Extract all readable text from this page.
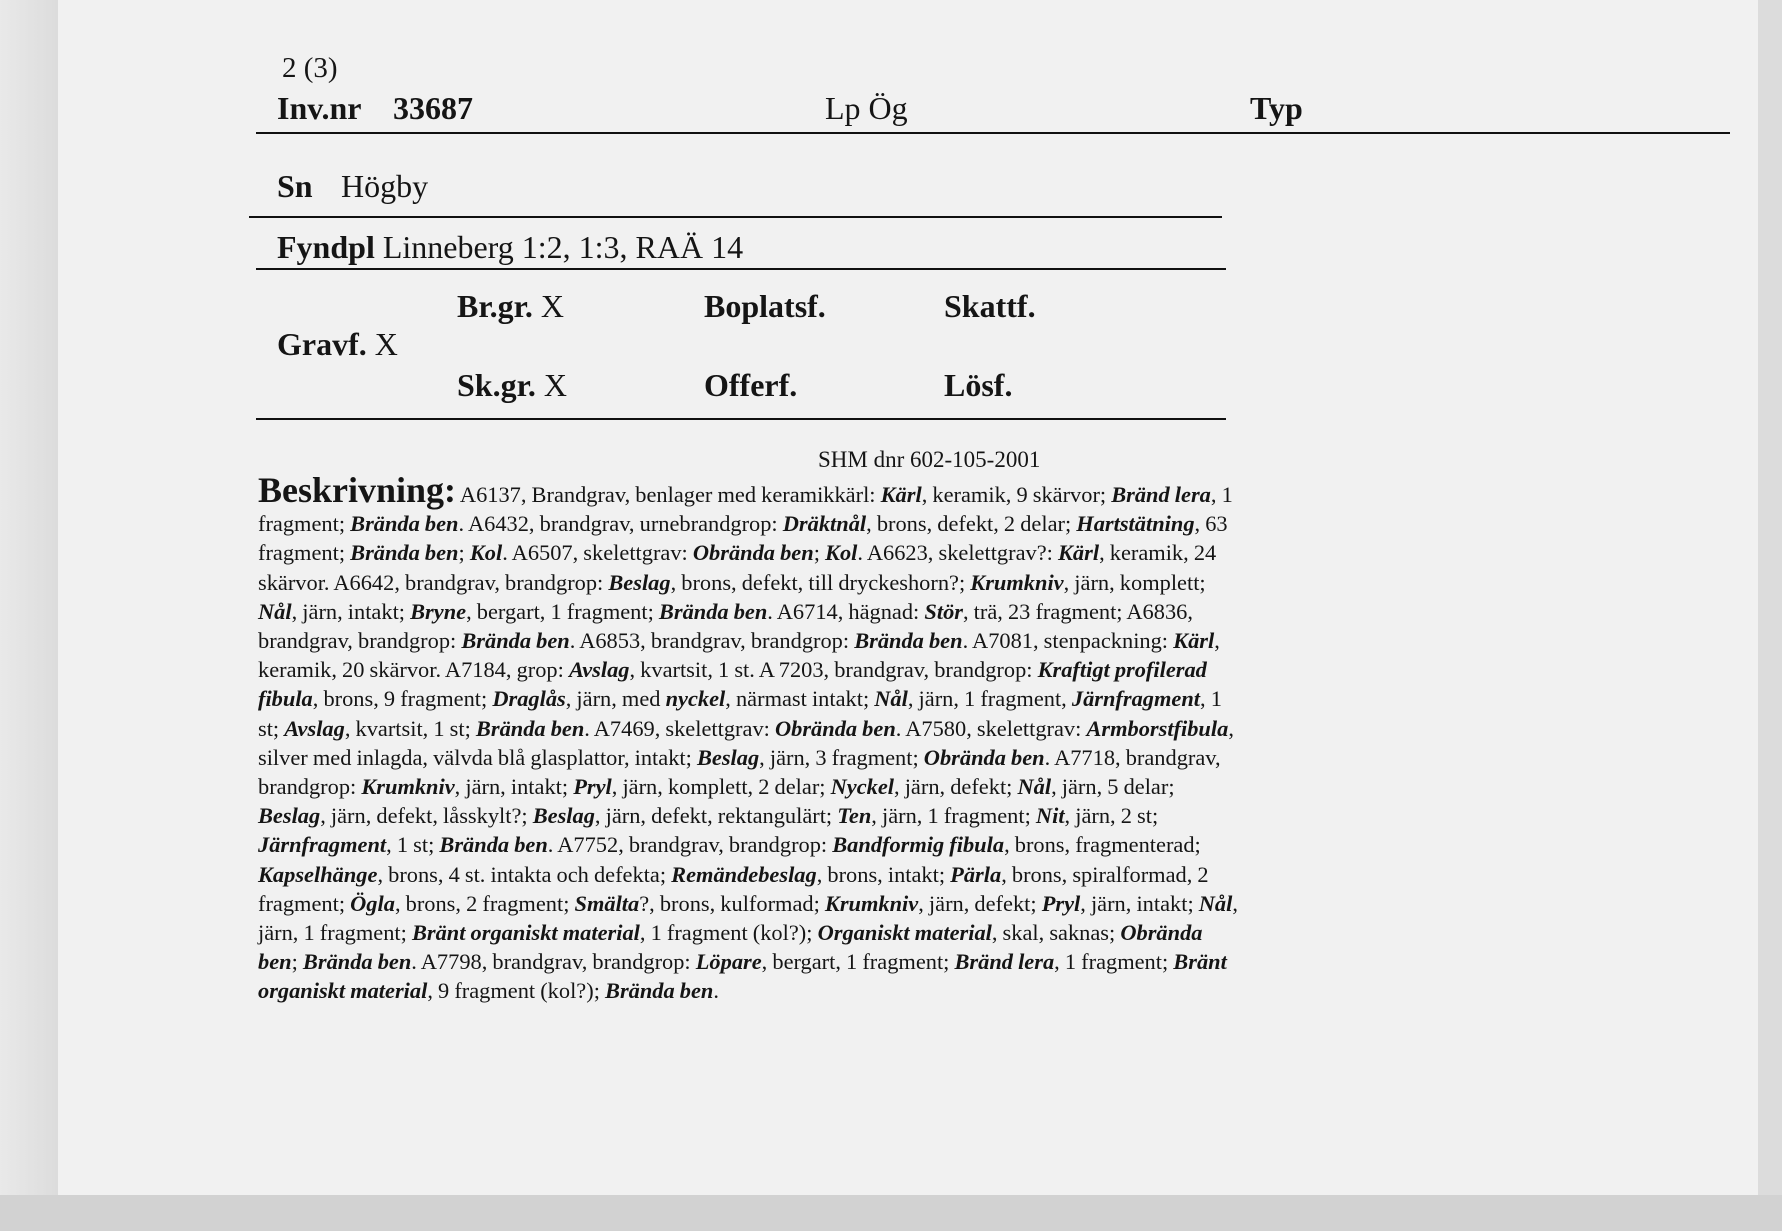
2 (3)
Inv.nr 33687	Lp Ög	Typ
Sn Högby
Fyndpl Linneberg 1:2, 1:3, RAÄ 14
Br.gr. X	Boplatsf.	Skattf.
Gravf. X
Sk.gr. X	Offerf.	Lösf.
SHM dnr 602-105-2001
Beskrivning: A6137, Brandgrav, benlager med keramikkärl: Kärl, keramik, 9 skärvor; Bränd lera, 1 fragment; Brända ben. A6432, brandgrav, urnebrandgrop: Dräktnål, brons, defekt, 2 delar; Hartstätning, 63 fragment; Brända ben; Kol. A6507, skelettgrav: Obrända ben; Kol. A6623, skelettgrav?: Kärl, keramik, 24 skärvor. A6642, brandgrav, brandgrop: Beslag, brons, defekt, till dryckeshorn?; Krumkniv, järn, komplett; Nål, järn, intakt; Bryne, bergart, 1 fragment; Brända ben. A6714, hägnad: Stör, trä, 23 fragment; A6836, brandgrav, brandgrop: Brända ben. A6853, brandgrav, brandgrop: Brända ben. A7081, stenpackning: Kärl, keramik, 20 skärvor. A7184, grop: Avslag, kvartsit, 1 st. A 7203, brandgrav, brandgrop: Kraftigt profilerad fibula, brons, 9 fragment; Draglås, järn, med nyckel, närmast intakt; Nål, järn, 1 fragment, Järnfragment, 1 st; Avslag, kvartsit, 1 st; Brända ben. A7469, skelettgrav: Obrända ben. A7580, skelettgrav: Armborstfibula, silver med inlagda, välvda blå glasplattor, intakt; Beslag, järn, 3 fragment; Obrända ben. A7718, brandgrav, brandgrop: Krumkniv, järn, intakt; Pryl, järn, komplett, 2 delar; Nyckel, järn, defekt; Nål, järn, 5 delar; Beslag, järn, defekt, låsskylt?; Beslag, järn, defekt, rektangulärt; Ten, järn, 1 fragment; Nit, järn, 2 st; Järnfragment, 1 st; Brända ben. A7752, brandgrav, brandgrop: Bandformig fibula, brons, fragmenterad; Kapselhänge, brons, 4 st. intakta och defekta; Remändebeslag, brons, intakt; Pärla, brons, spiralformad, 2 fragment; Ögla, brons, 2 fragment; Smälta?, brons, kulformad; Krumkniv, järn, defekt; Pryl, järn, intakt; Nål, järn, 1 fragment; Bränt organiskt material, 1 fragment (kol?); Organiskt material, skal, saknas; Obrända ben; Brända ben. A7798, brandgrav, brandgrop: Löpare, bergart, 1 fragment; Bränd lera, 1 fragment; Bränt organiskt material, 9 fragment (kol?); Brända ben.
